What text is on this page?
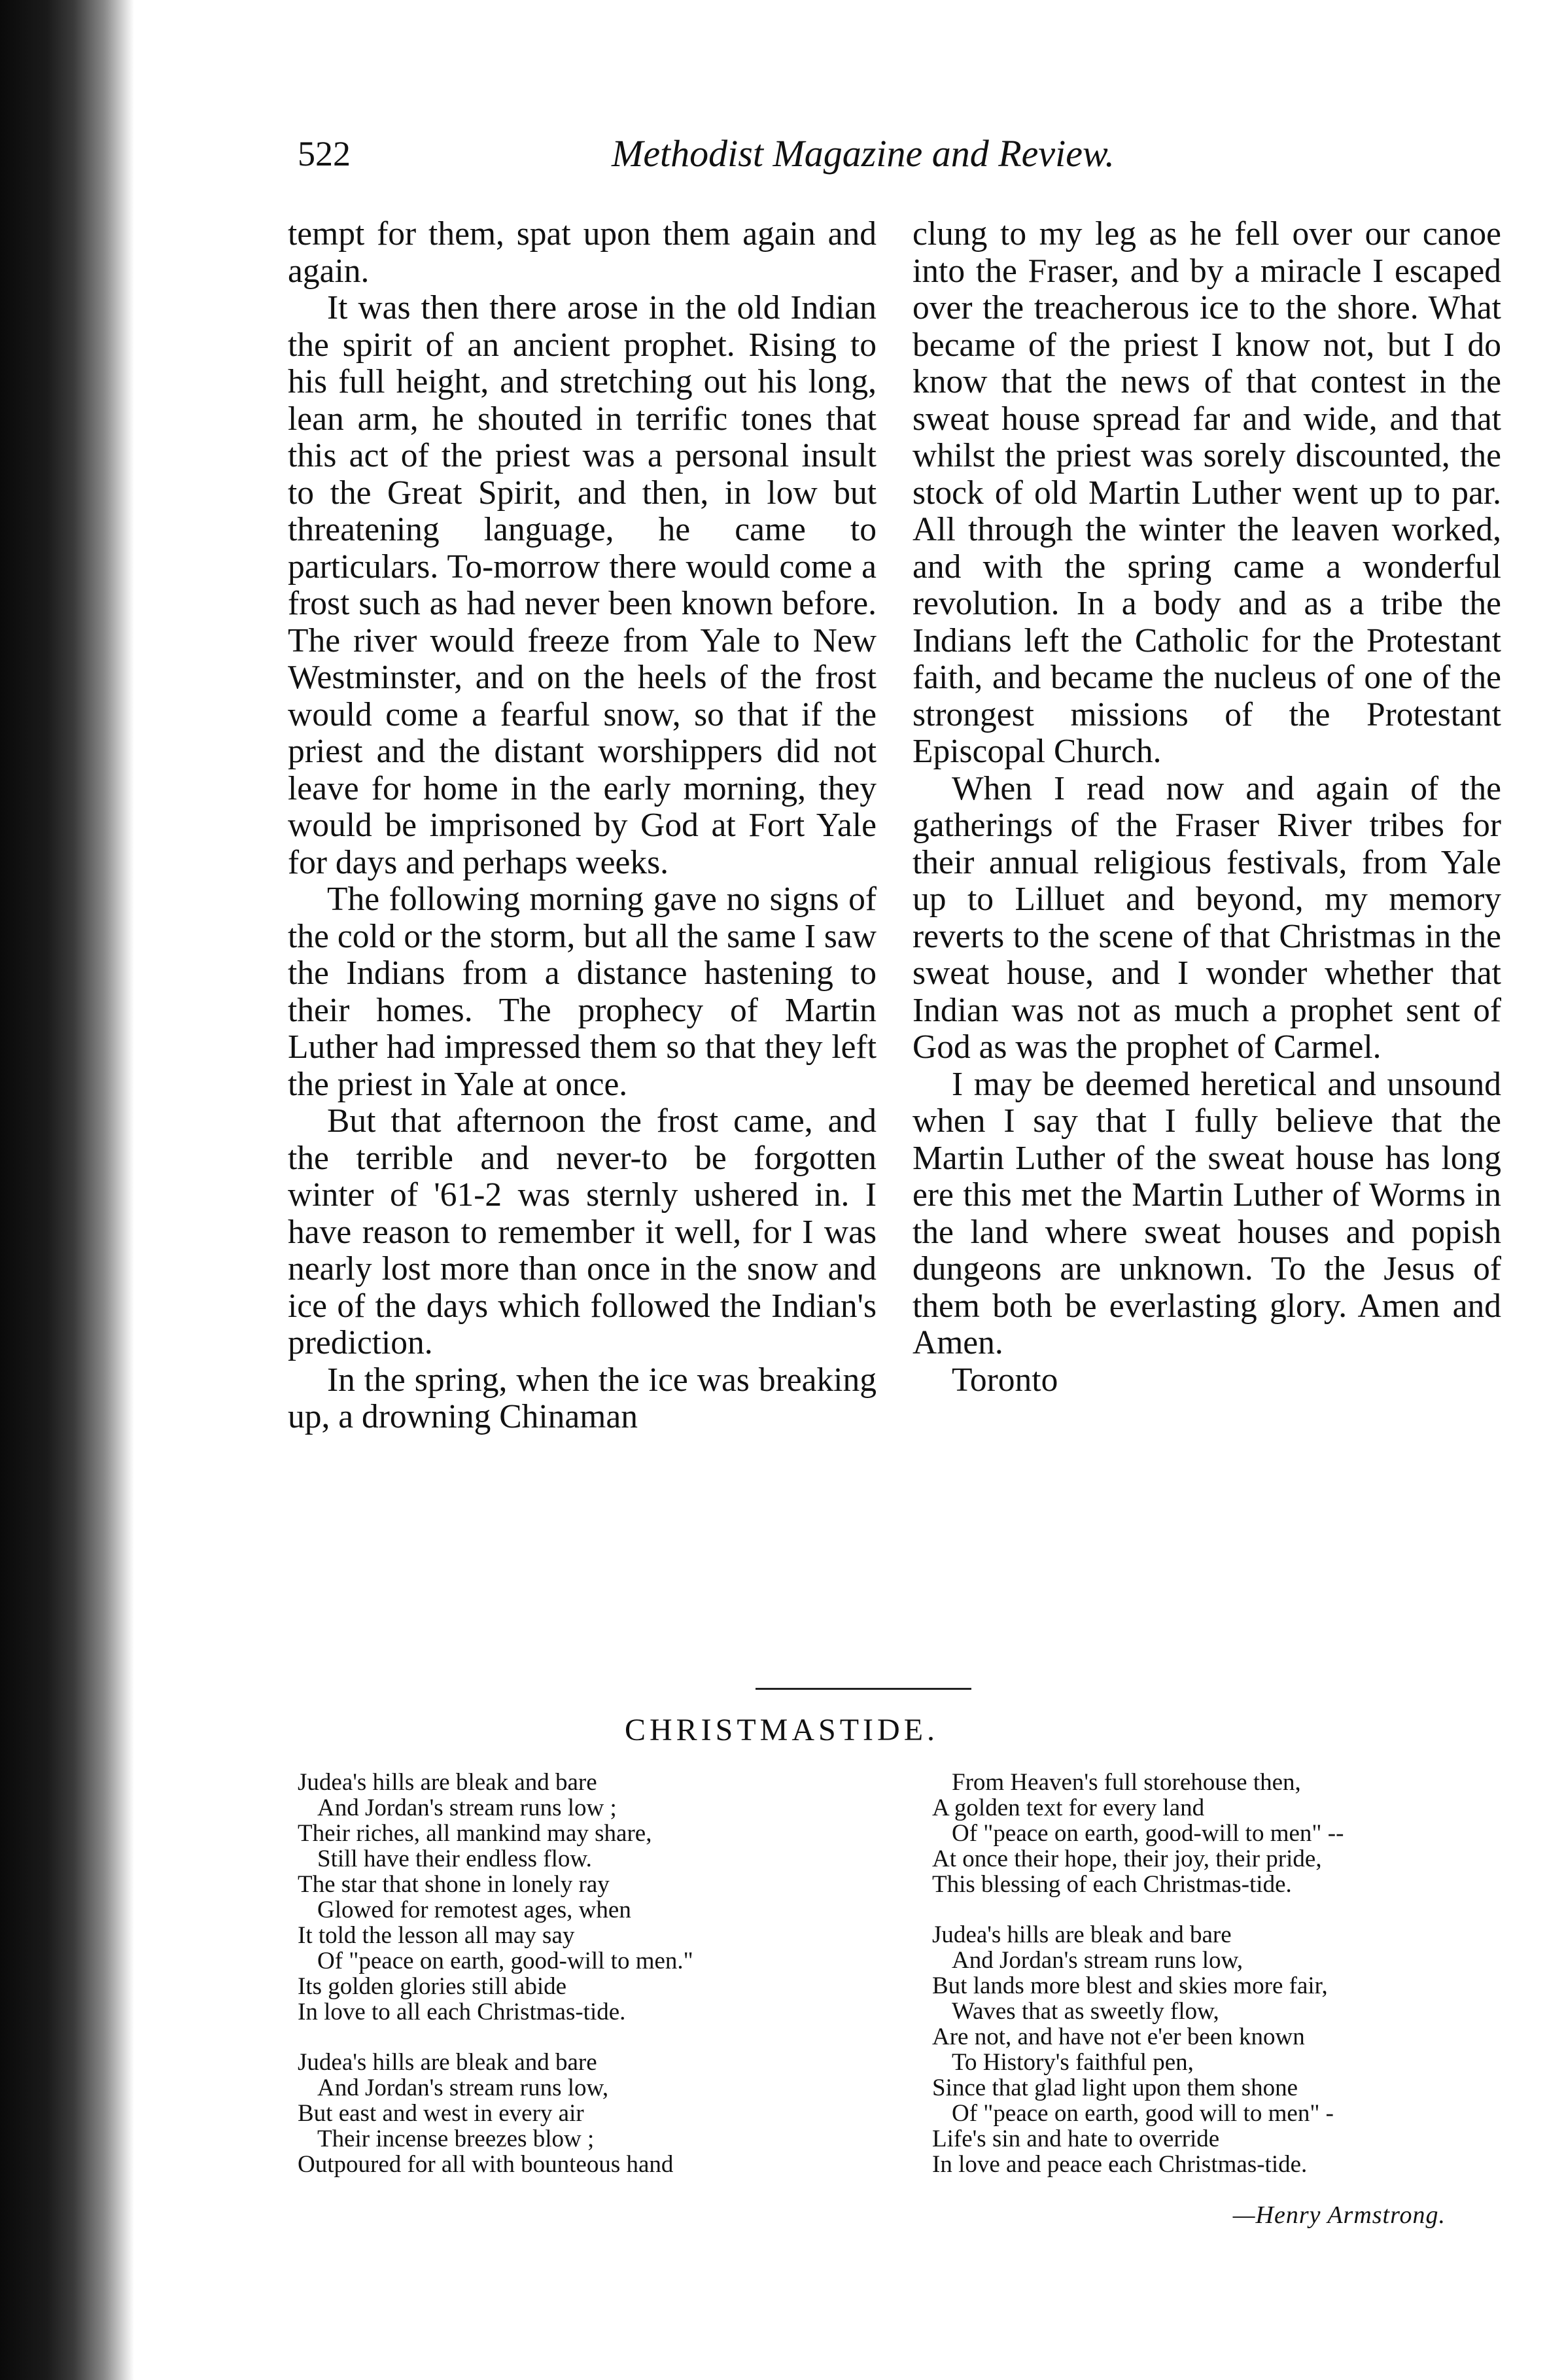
522	Methodist Magazine and Review.

tempt for them, spat upon them again and again.

It was then there arose in the old Indian the spirit of an ancient prophet. Rising to his full height, and stretching out his long, lean arm, he shouted in terrific tones that this act of the priest was a personal insult to the Great Spirit, and then, in low but threatening language, he came to particulars. To-morrow there would come a frost such as had never been known before. The river would freeze from Yale to New Westminster, and on the heels of the frost would come a fearful snow, so that if the priest and the distant worshippers did not leave for home in the early morning, they would be imprisoned by God at Fort Yale for days and perhaps weeks.

The following morning gave no signs of the cold or the storm, but all the same I saw the Indians from a distance hastening to their homes. The prophecy of Martin Luther had impressed them so that they left the priest in Yale at once.

But that afternoon the frost came, and the terrible and never-to be forgotten winter of '61-2 was sternly ushered in. I have reason to remember it well, for I was nearly lost more than once in the snow and ice of the days which followed the Indian's prediction.

In the spring, when the ice was breaking up, a drowning Chinaman

clung to my leg as he fell over our canoe into the Fraser, and by a miracle I escaped over the treacherous ice to the shore. What became of the priest I know not, but I do know that the news of that contest in the sweat house spread far and wide, and that whilst the priest was sorely discounted, the stock of old Martin Luther went up to par. All through the winter the leaven worked, and with the spring came a wonderful revolution. In a body and as a tribe the Indians left the Catholic for the Protestant faith, and became the nucleus of one of the strongest missions of the Protestant Episcopal Church.

When I read now and again of the gatherings of the Fraser River tribes for their annual religious festivals, from Yale up to Lilluet and beyond, my memory reverts to the scene of that Christmas in the sweat house, and I wonder whether that Indian was not as much a prophet sent of God as was the prophet of Carmel.

I may be deemed heretical and unsound when I say that I fully believe that the Martin Luther of the sweat house has long ere this met the Martin Luther of Worms in the land where sweat houses and popish dungeons are unknown. To the Jesus of them both be everlasting glory. Amen and Amen.

Toronto

CHRISTMASTIDE.

Judea's hills are bleak and bare

And Jordan's stream runs low ;

Their riches, all mankind may share,

Still have their endless flow.

The star that shone in lonely ray

Glowed for remotest ages, when

It told the lesson all may say

Of "peace on earth, good-will to men."

Its golden glories still abide

In love to all each Christmas-tide.

Judea's hills are bleak and bare

And Jordan's stream runs low,

But east and west in every air

Their incense breezes blow ;

Outpoured for all with bounteous hand

From Heaven's full storehouse then,

A golden text for every land

Of "peace on earth, good-will to men" --

At once their hope, their joy, their pride,

This blessing of each Christmas-tide.

Judea's hills are bleak and bare

And Jordan's stream runs low,

But lands more blest and skies more fair,

Waves that as sweetly flow,

Are not, and have not e'er been known

To History's faithful pen,

Since that glad light upon them shone

Of "peace on earth, good will to men" -

Life's sin and hate to override

In love and peace each Christmas-tide.

—Henry Armstrong.
